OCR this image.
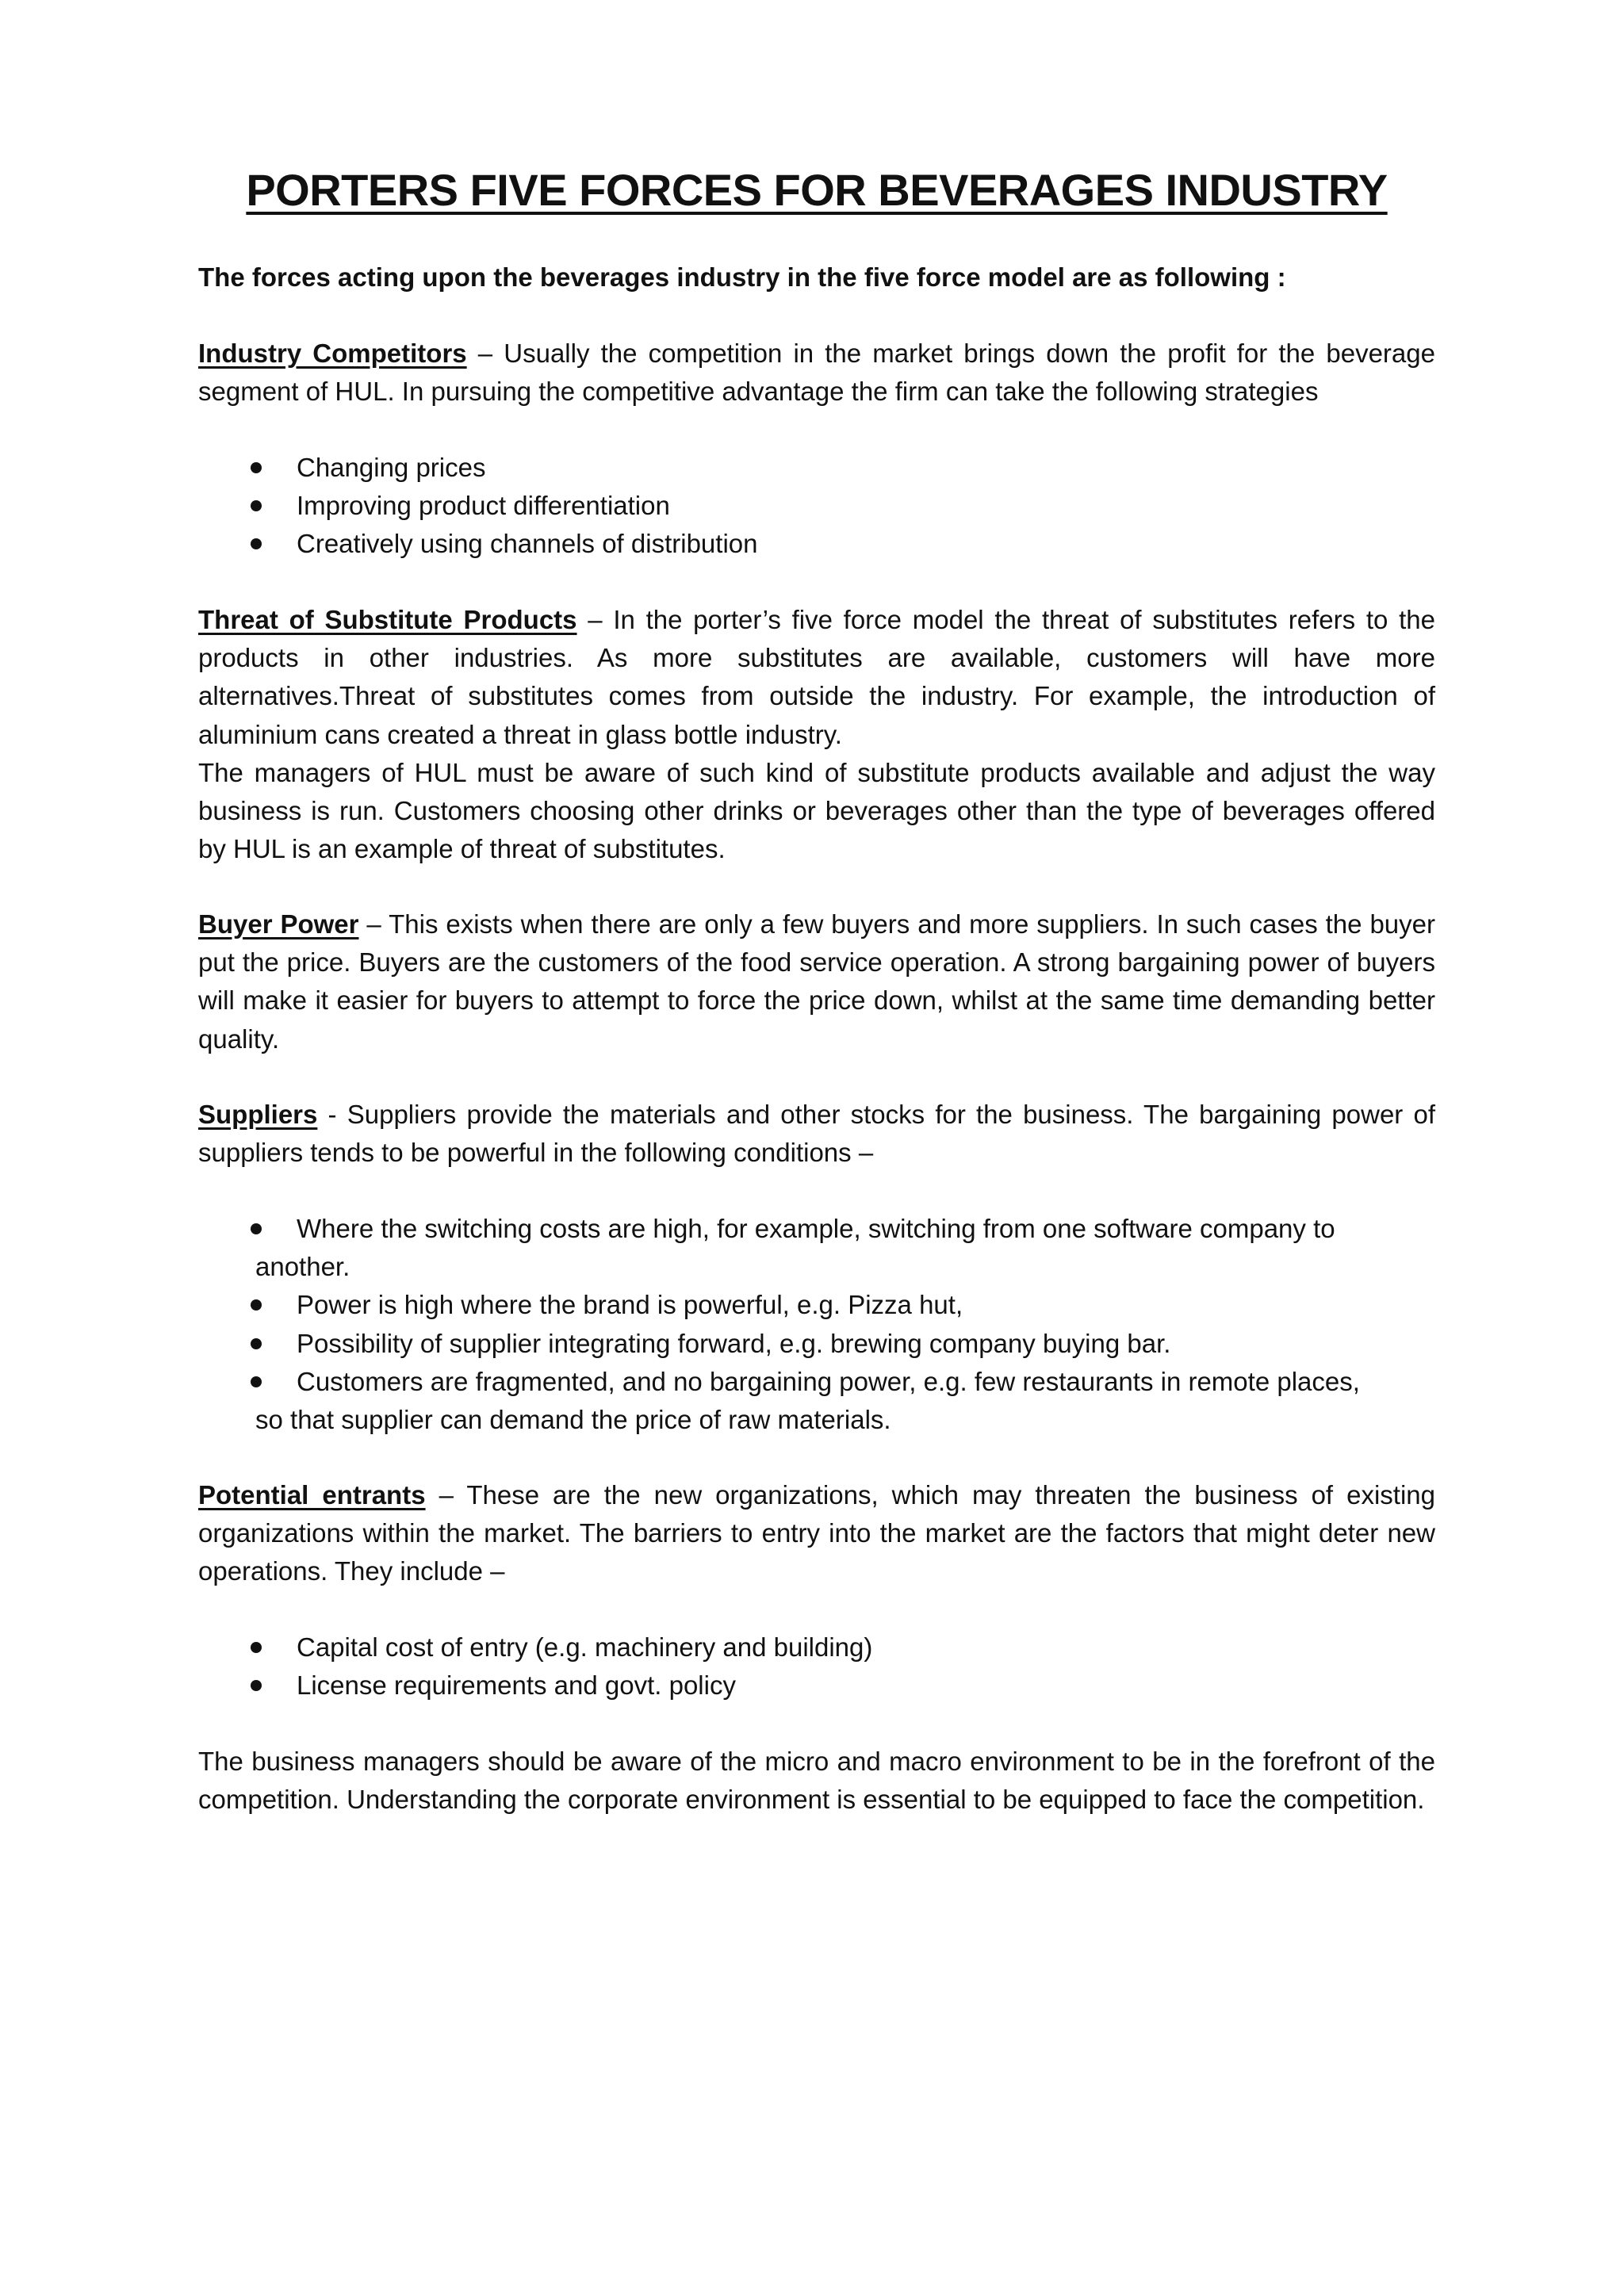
PORTERS FIVE FORCES FOR BEVERAGES INDUSTRY

The forces acting upon the beverages industry in the five force model are as following :

Industry Competitors – Usually the competition in the market brings down the profit for the beverage segment of HUL. In pursuing the competitive advantage the firm can take the following strategies

Changing prices
Improving product differentiation
Creatively using channels of distribution

Threat of Substitute Products – In the porter’s five force model the threat of substitutes refers to the products in other industries. As more substitutes are available, customers will have more alternatives.Threat of substitutes comes from outside the industry. For example, the introduction of aluminium cans created a threat in glass bottle industry.

The managers of HUL must be aware of such kind of substitute products available and adjust the way business is run. Customers choosing other drinks or beverages other than the type of beverages offered by HUL is an example of threat of substitutes.

Buyer Power – This exists when there are only a few buyers and more suppliers. In such cases the buyer put the price. Buyers are the customers of the food service operation. A strong bargaining power of buyers will make it easier for buyers to attempt to force the price down, whilst at the same time demanding better quality.

Suppliers - Suppliers provide the materials and other stocks for the business. The bargaining power of suppliers tends to be powerful in the following conditions –

Where the switching costs are high, for example, switching from one software company to
another.
Power is high where the brand is powerful, e.g. Pizza hut,
Possibility of supplier integrating forward, e.g. brewing company buying bar.
Customers are fragmented, and no bargaining power, e.g. few restaurants in remote places,
so that supplier can demand the price of raw materials.

Potential entrants – These are the new organizations, which may threaten the business of existing organizations within the market. The barriers to entry into the market are the factors that might deter new operations. They include –

Capital cost of entry (e.g. machinery and building)
License requirements and govt. policy

The business managers should be aware of the micro and macro environment to be in the forefront of the competition. Understanding the corporate environment is essential to be equipped to face the competition.
